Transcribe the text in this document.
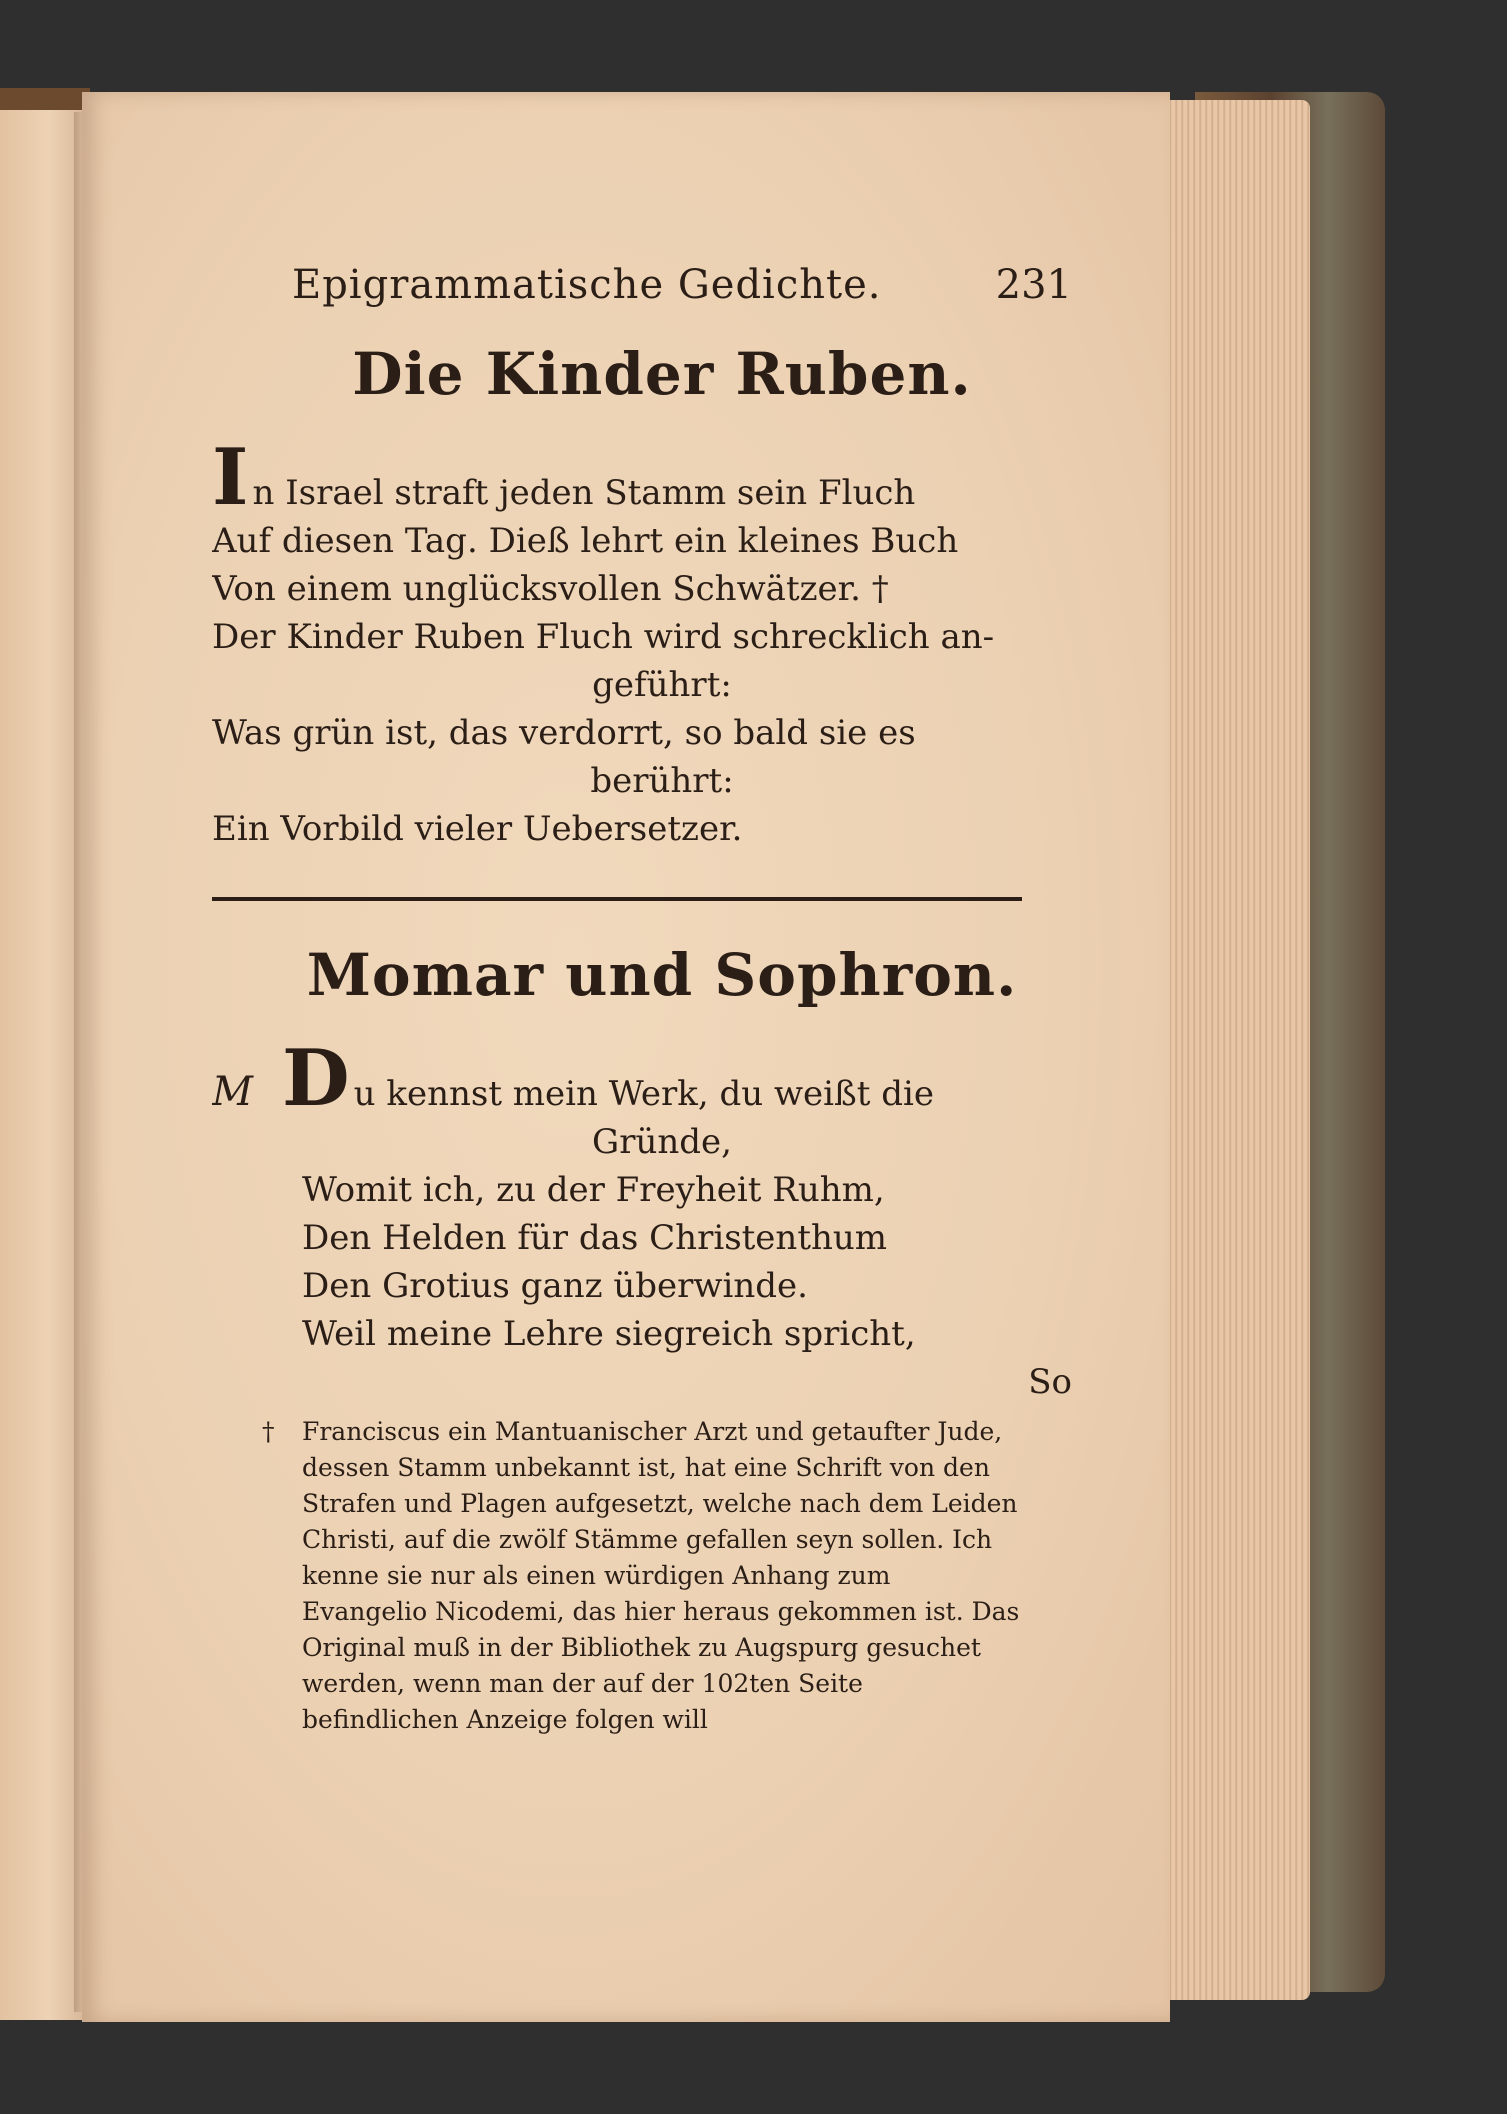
Epigrammatische Gedichte.	231
Die Kinder Ruben.
In Israel straft jeden Stamm sein Fluch
Auf diesen Tag. Dieß lehrt ein kleines Buch
Von einem unglücksvollen Schwätzer. †
Der Kinder Ruben Fluch wird schrecklich an-
geführt:
Was grün ist, das verdorrt, so bald sie es
berührt:
Ein Vorbild vieler Uebersetzer.
Momar und Sophron.
M D u kennst mein Werk, du weißt die
Gründe,
Womit ich, zu der Freyheit Ruhm,
Den Helden für das Christenthum
Den Grotius ganz überwinde.
Weil meine Lehre siegreich spricht,
So
† Franciscus ein Mantuanischer Arzt und getaufter Jude, dessen Stamm unbekannt ist, hat eine Schrift von den Strafen und Plagen aufgesetzt, welche nach dem Leiden Christi, auf die zwölf Stämme gefallen seyn sollen. Ich kenne sie nur als einen würdigen Anhang zum Evangelio Nicodemi, das hier heraus gekommen ist. Das Original muß in der Bibliothek zu Augspurg gesuchet werden, wenn man der auf der 102ten Seite befindlichen Anzeige folgen will
